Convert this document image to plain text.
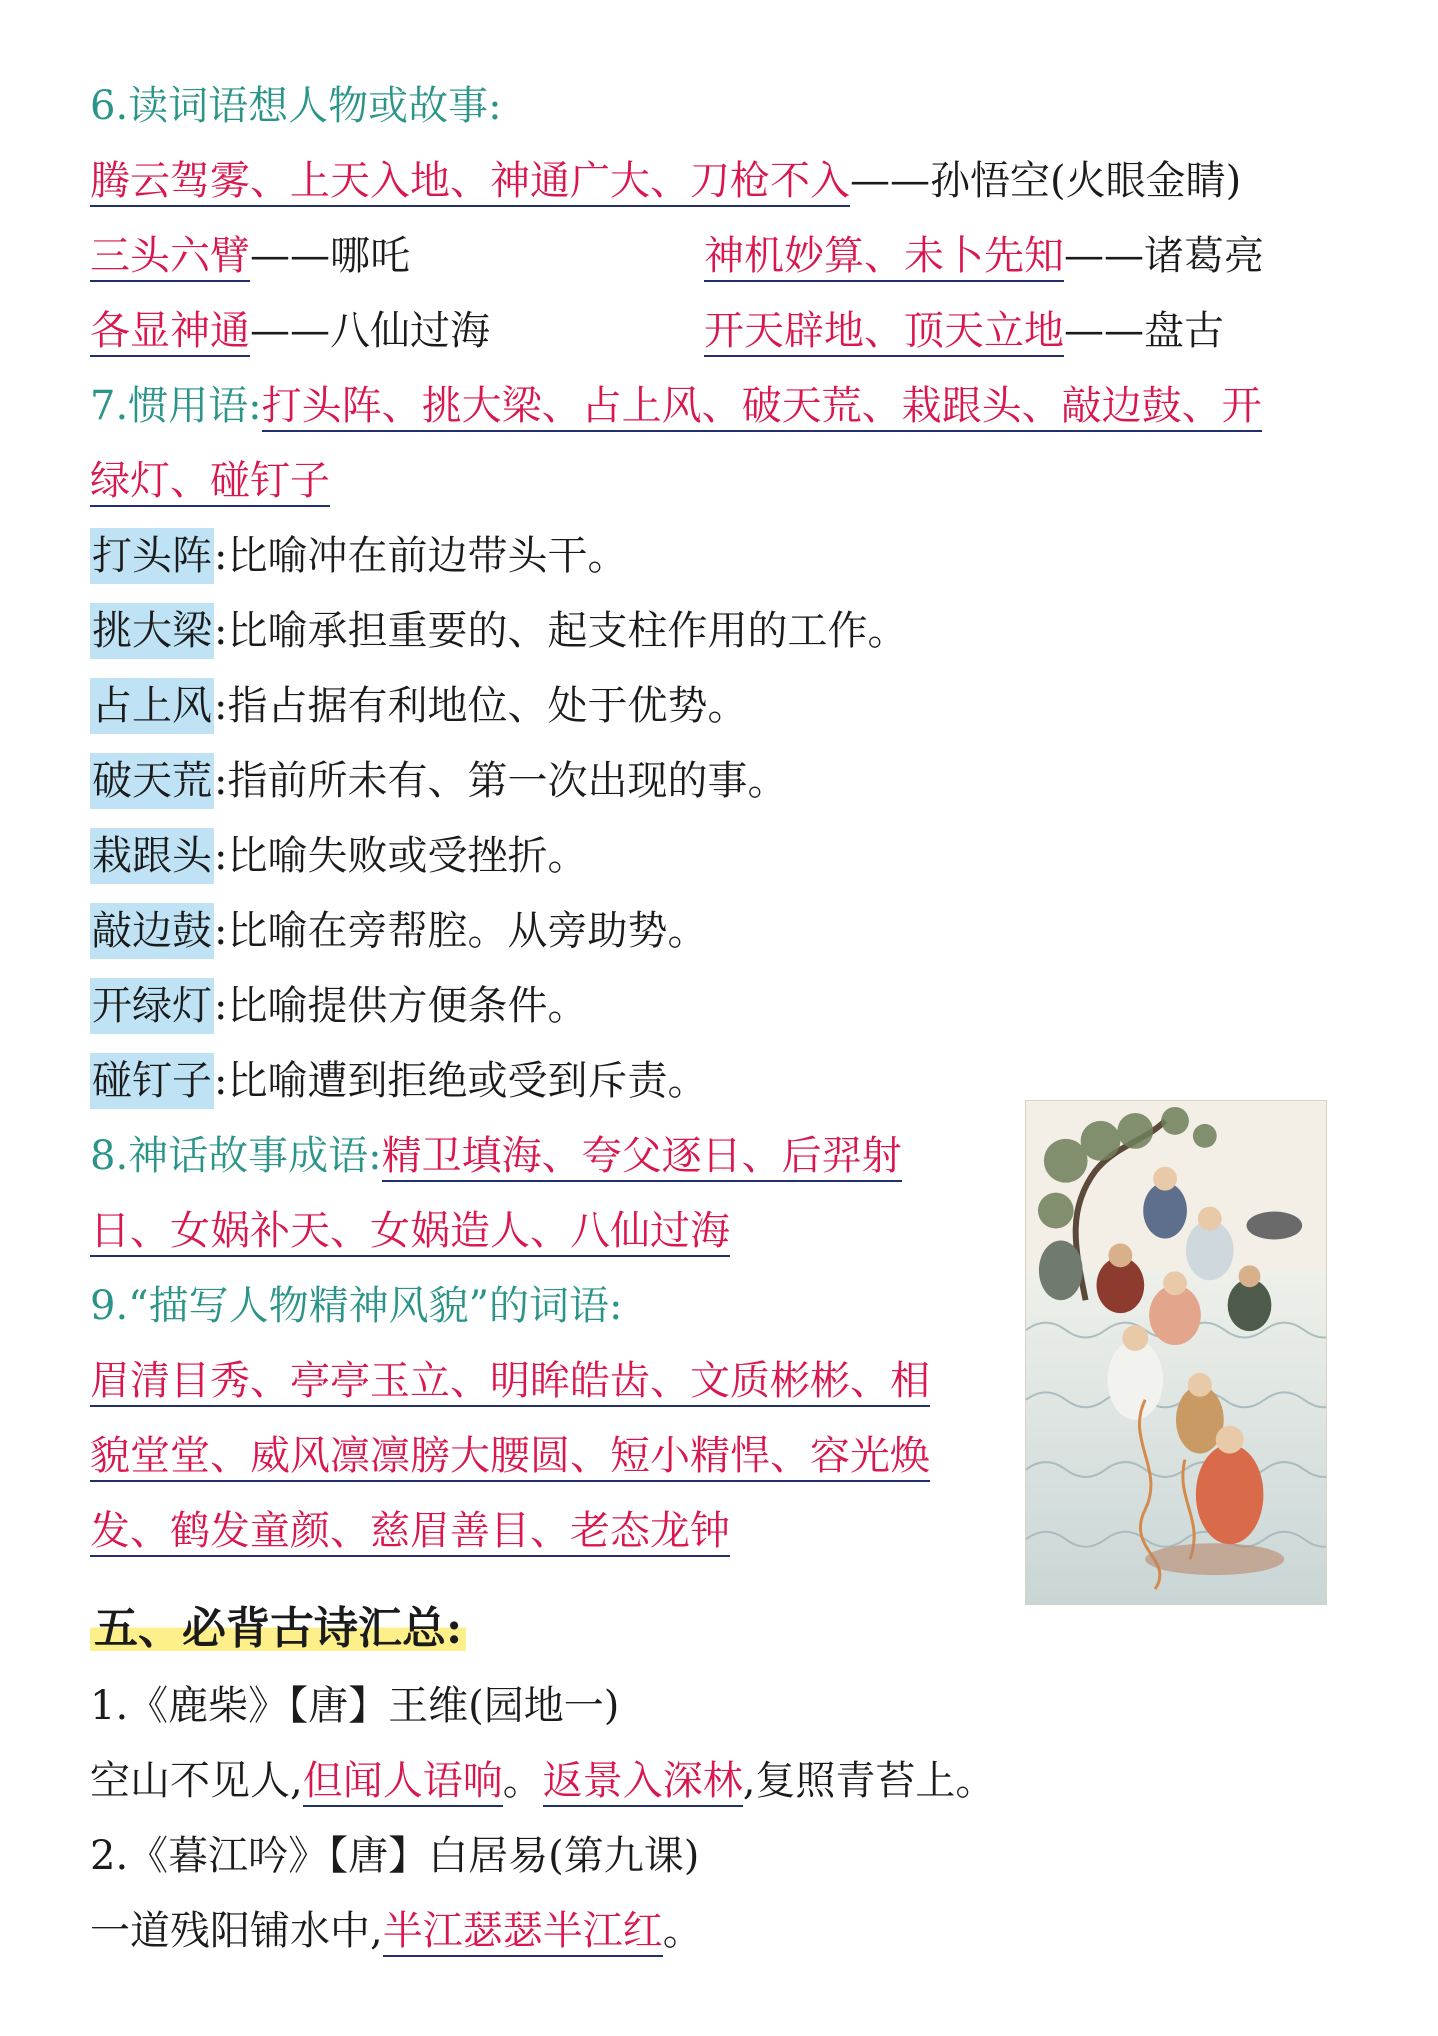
6.读词语想人物或故事:
腾云驾雾、上天入地、神通广大、刀枪不入——孙悟空(火眼金睛)
三头六臂——哪吒	神机妙算、未卜先知——诸葛亮
各显神通——八仙过海	开天辟地、顶天立地——盘古
7.惯用语:打头阵、挑大梁、占上风、破天荒、栽跟头、敲边鼓、开
绿灯、碰钉子
打头阵:比喻冲在前边带头干。
挑大梁:比喻承担重要的、起支柱作用的工作。
占上风:指占据有利地位、处于优势。
破天荒:指前所未有、第一次出现的事。
栽跟头:比喻失败或受挫折。
敲边鼓:比喻在旁帮腔。从旁助势。
开绿灯:比喻提供方便条件。
碰钉子:比喻遭到拒绝或受到斥责。
8.神话故事成语:精卫填海、夸父逐日、后羿射
日、女娲补天、女娲造人、八仙过海
9.“描写人物精神风貌”的词语:
眉清目秀、亭亭玉立、明眸皓齿、文质彬彬、相
貌堂堂、威风凛凛膀大腰圆、短小精悍、容光焕
发、鹤发童颜、慈眉善目、老态龙钟
五、必背古诗汇总:
1.《鹿柴》【唐】王维(园地一)
空山不见人,但闻人语响。返景入深林,复照青苔上。
2.《暮江吟》【唐】白居易(第九课)
一道残阳铺水中,半江瑟瑟半江红。
